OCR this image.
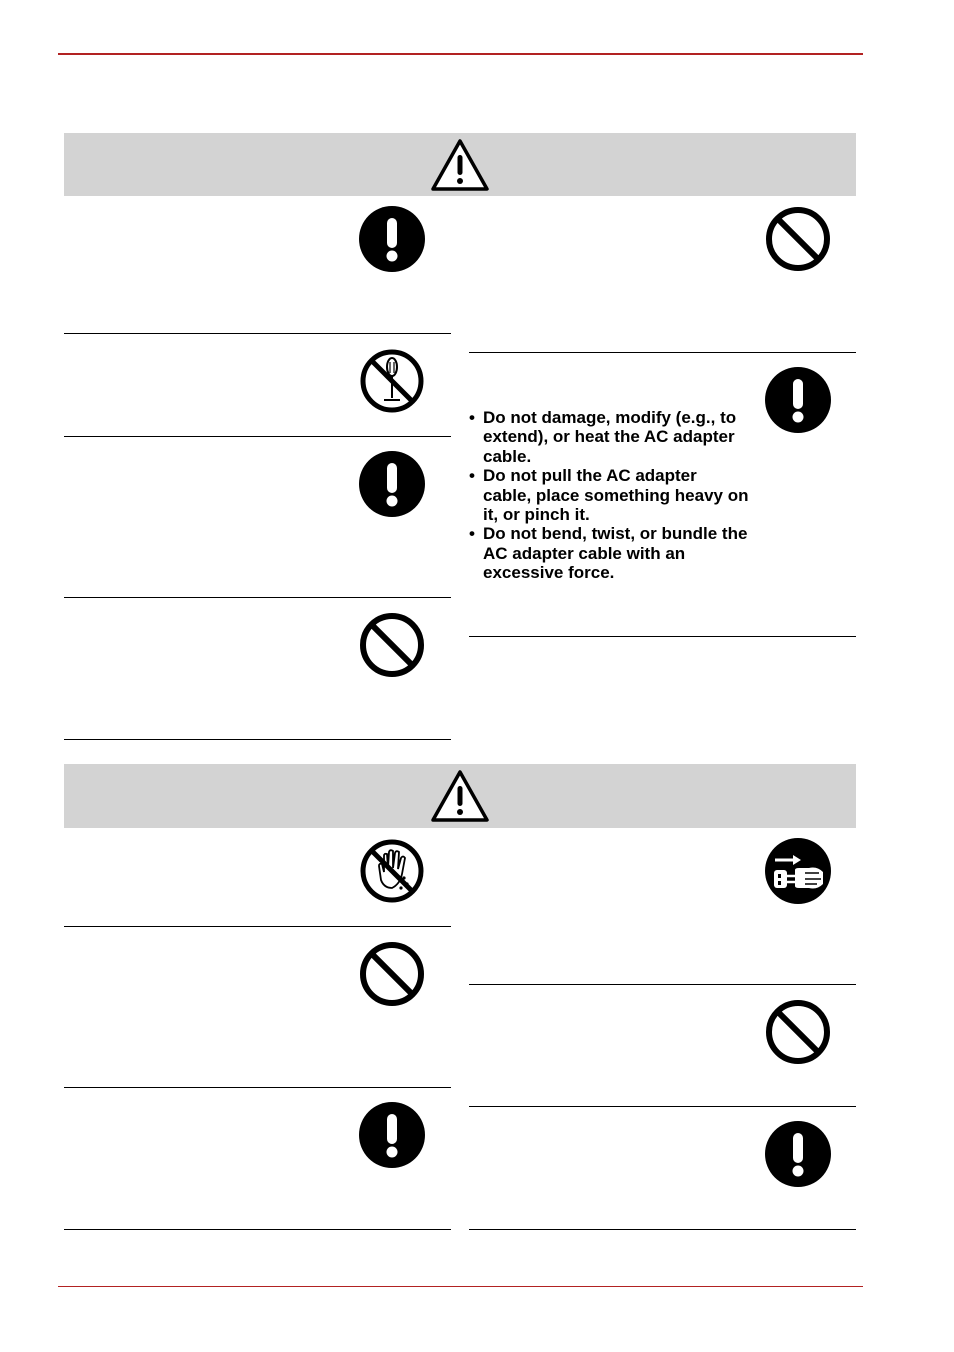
• Do not damage, modify (e.g., to extend), or heat the AC adapter cable.
• Do not pull the AC adapter cable, place something heavy on it, or pinch it.
• Do not bend, twist, or bundle the AC adapter cable with an excessive force.
